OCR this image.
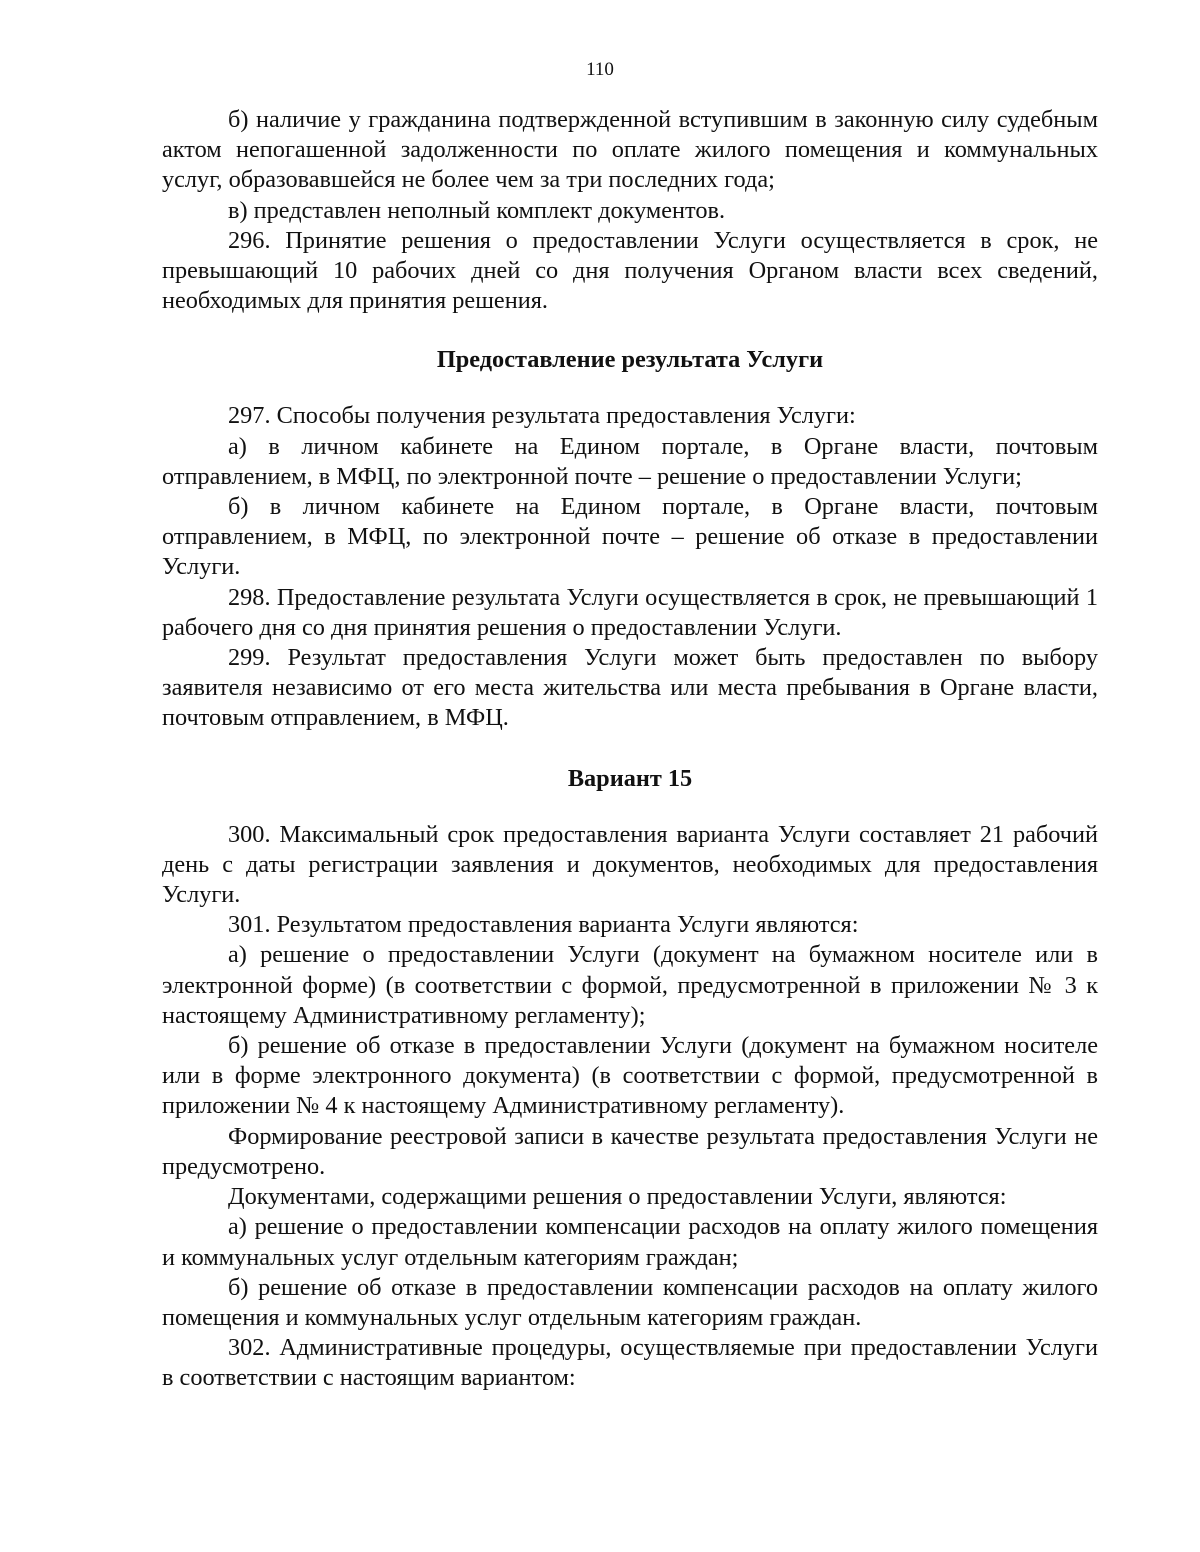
110

б) наличие у гражданина подтвержденной вступившим в законную силу судебным актом непогашенной задолженности по оплате жилого помещения и коммунальных услуг, образовавшейся не более чем за три последних года;

в) представлен неполный комплект документов.

296. Принятие решения о предоставлении Услуги осуществляется в срок, не превышающий 10 рабочих дней со дня получения Органом власти всех сведений, необходимых для принятия решения.

Предоставление результата Услуги

297. Способы получения результата предоставления Услуги:

а) в личном кабинете на Едином портале, в Органе власти, почтовым отправлением, в МФЦ, по электронной почте – решение о предоставлении Услуги;

б) в личном кабинете на Едином портале, в Органе власти, почтовым отправлением, в МФЦ, по электронной почте – решение об отказе в предоставлении Услуги.

298. Предоставление результата Услуги осуществляется в срок, не превышающий 1 рабочего дня со дня принятия решения о предоставлении Услуги.

299. Результат предоставления Услуги может быть предоставлен по выбору заявителя независимо от его места жительства или места пребывания в Органе власти, почтовым отправлением, в МФЦ.

Вариант 15

300. Максимальный срок предоставления варианта Услуги составляет 21 рабочий день с даты регистрации заявления и документов, необходимых для предоставления Услуги.

301. Результатом предоставления варианта Услуги являются:

а) решение о предоставлении Услуги (документ на бумажном носителе или в электронной форме) (в соответствии с формой, предусмотренной в приложении № 3 к настоящему Административному регламенту);

б) решение об отказе в предоставлении Услуги (документ на бумажном носителе или в форме электронного документа) (в соответствии с формой, предусмотренной в приложении № 4 к настоящему Административному регламенту).

Формирование реестровой записи в качестве результата предоставления Услуги не предусмотрено.

Документами, содержащими решения о предоставлении Услуги, являются:

а) решение о предоставлении компенсации расходов на оплату жилого помещения и коммунальных услуг отдельным категориям граждан;

б) решение об отказе в предоставлении компенсации расходов на оплату жилого помещения и коммунальных услуг отдельным категориям граждан.

302. Административные процедуры, осуществляемые при предоставлении Услуги в соответствии с настоящим вариантом:
